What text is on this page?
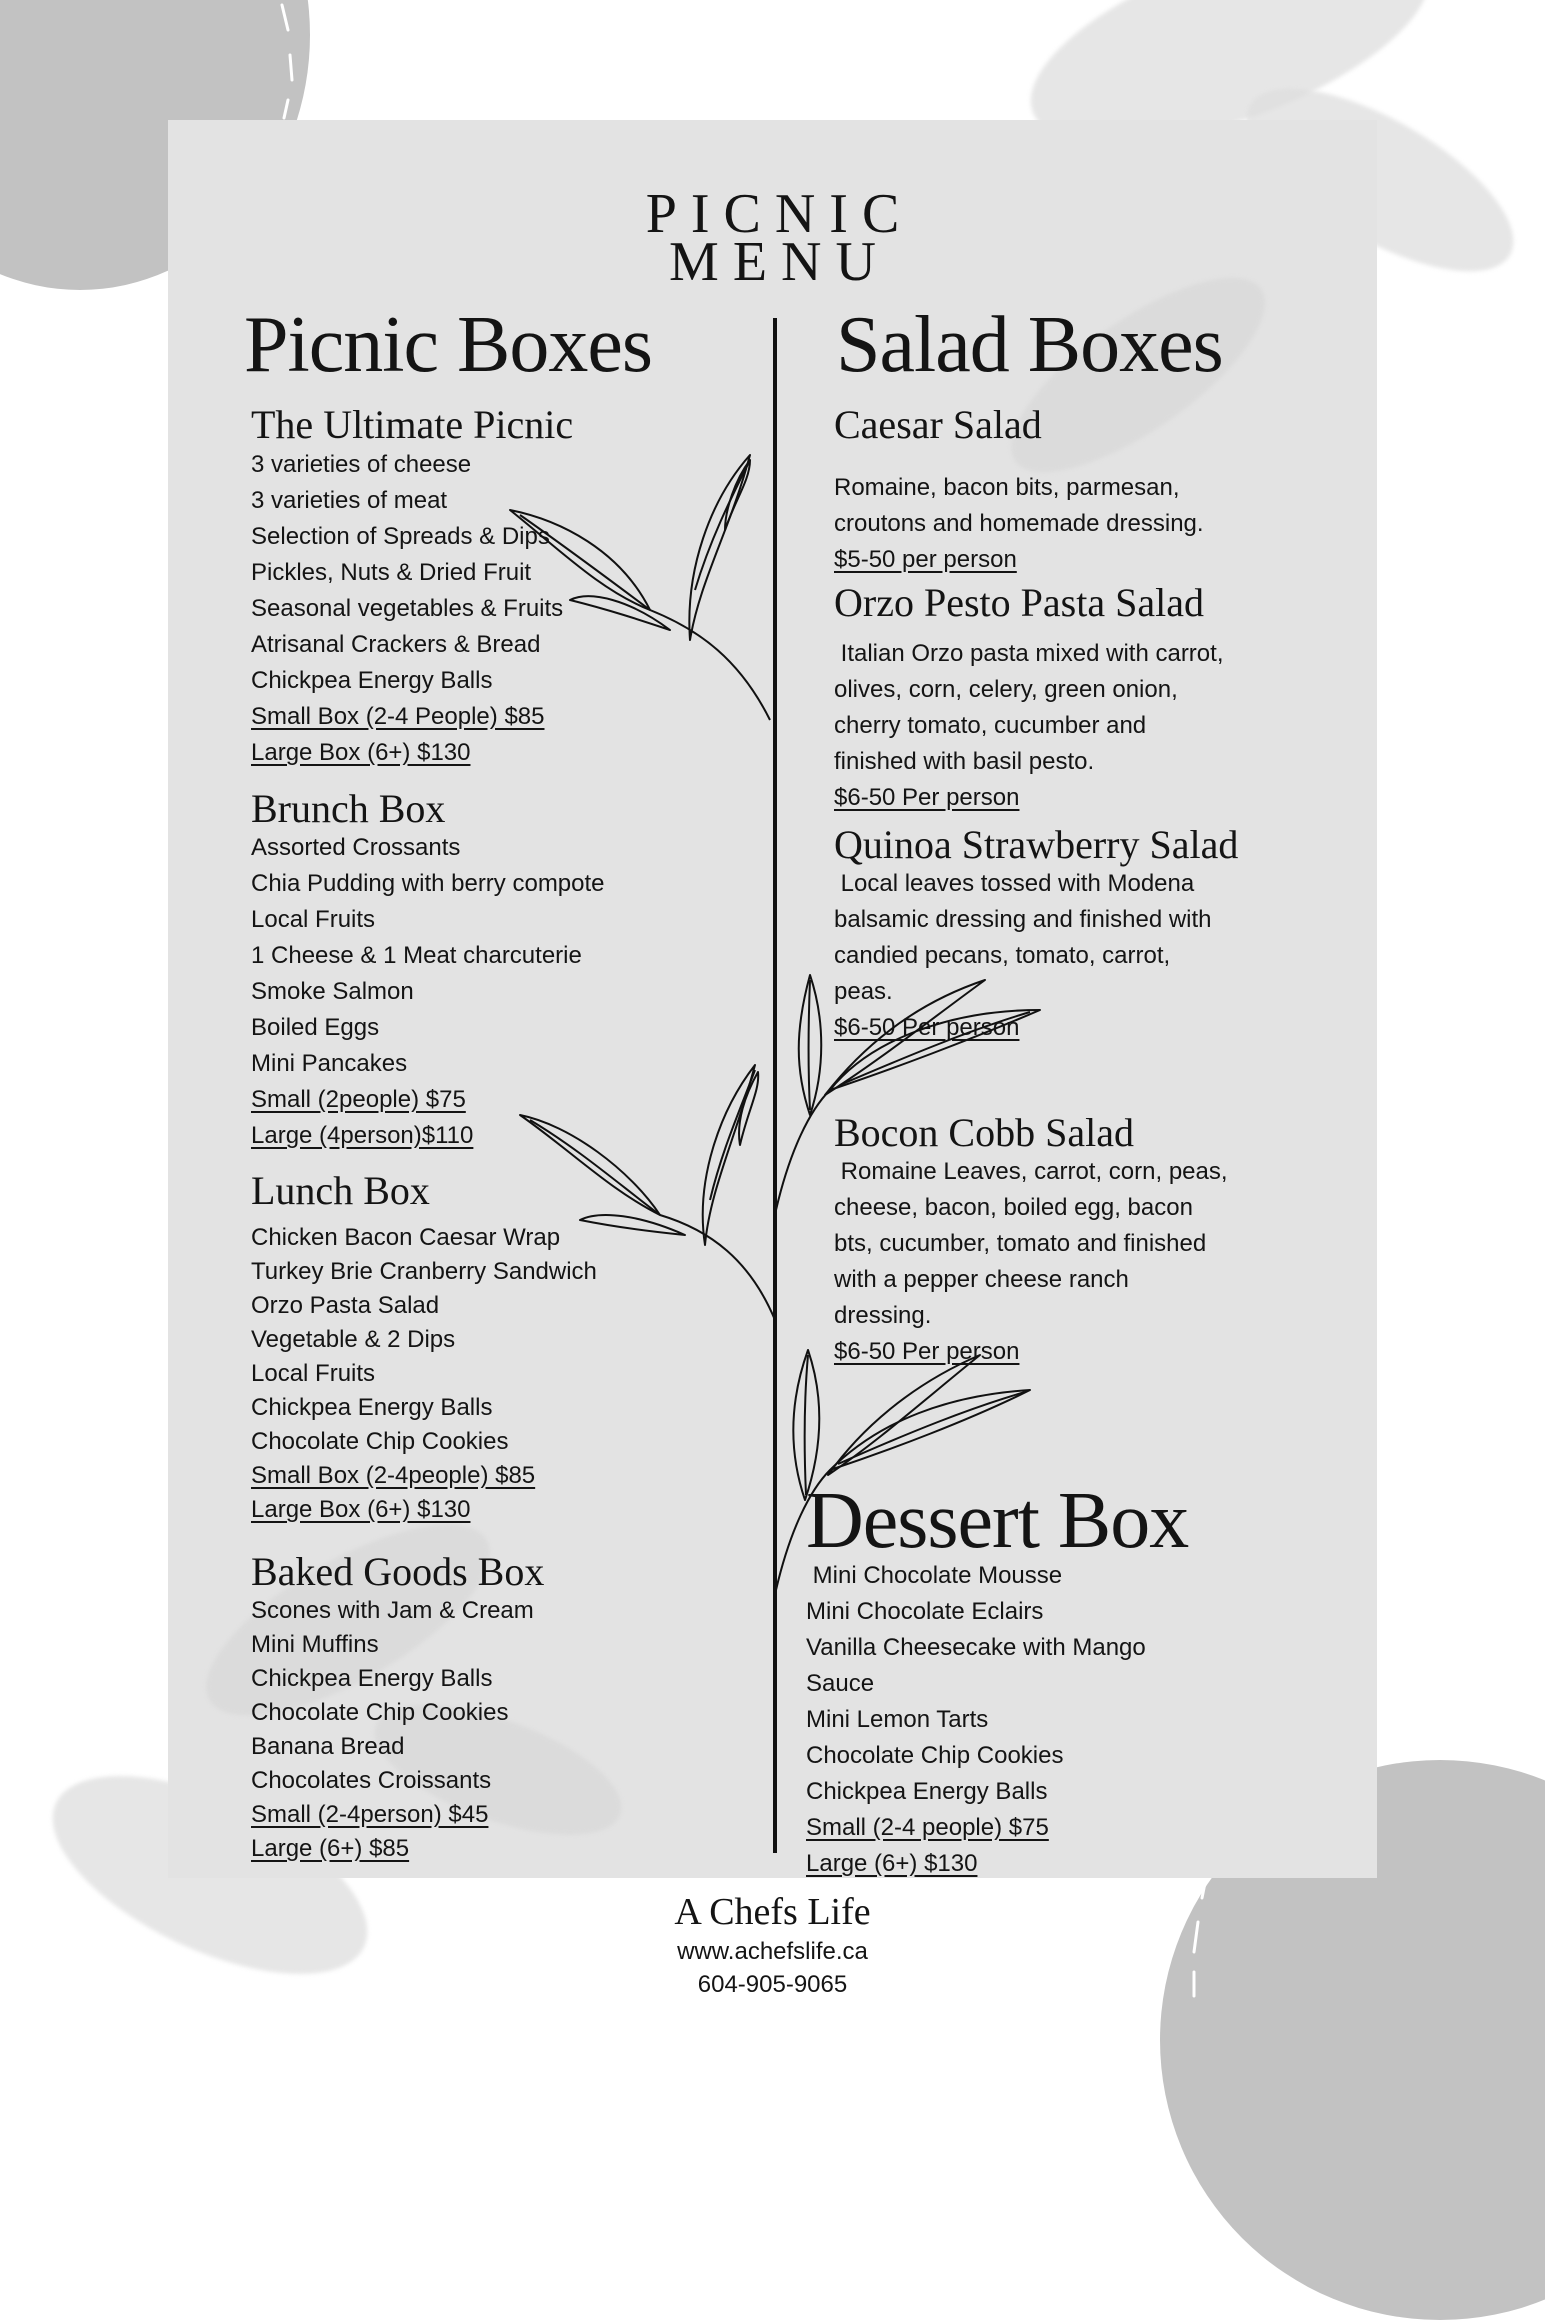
PICNIC
MENU
Picnic Boxes Salad Boxes
The Ultimate Picnic
3 varieties of cheese
3 varieties of meat
Selection of Spreads & Dips
Pickles, Nuts & Dried Fruit
Seasonal vegetables & Fruits
Atrisanal Crackers & Bread
Chickpea Energy Balls
Small Box (2-4 People) $85
Large Box (6+) $130
Brunch Box
Assorted Crossants
Chia Pudding with berry compote
Local Fruits
1 Cheese & 1 Meat charcuterie
Smoke Salmon
Boiled Eggs
Mini Pancakes
Small (2people) $75
Large (4person)$110
Lunch Box
Chicken Bacon Caesar Wrap
Turkey Brie Cranberry Sandwich
Orzo Pasta Salad
Vegetable & 2 Dips
Local Fruits
Chickpea Energy Balls
Chocolate Chip Cookies
Small Box (2-4people) $85
Large Box (6+) $130
Baked Goods Box
Scones with Jam & Cream
Mini Muffins
Chickpea Energy Balls
Chocolate Chip Cookies
Banana Bread
Chocolates Croissants
Small (2-4person) $45
Large (6+) $85
Caesar Salad
Romaine, bacon bits, parmesan,
croutons and homemade dressing.
$5-50 per person
Orzo Pesto Pasta Salad
Italian Orzo pasta mixed with carrot,
olives, corn, celery, green onion,
cherry tomato, cucumber and
finished with basil pesto.
$6-50 Per person
Quinoa Strawberry Salad
Local leaves tossed with Modena
balsamic dressing and finished with
candied pecans, tomato, carrot,
peas.
$6-50 Per person
Bocon Cobb Salad
Romaine Leaves, carrot, corn, peas,
cheese, bacon, boiled egg, bacon
bts, cucumber, tomato and finished
with a pepper cheese ranch
dressing.
$6-50 Per person
Dessert Box
Mini Chocolate Mousse
Mini Chocolate Eclairs
Vanilla Cheesecake with Mango
Sauce
Mini Lemon Tarts
Chocolate Chip Cookies
Chickpea Energy Balls
Small (2-4 people) $75
Large (6+) $130
A Chefs Life
www.achefslife.ca
604-905-9065
